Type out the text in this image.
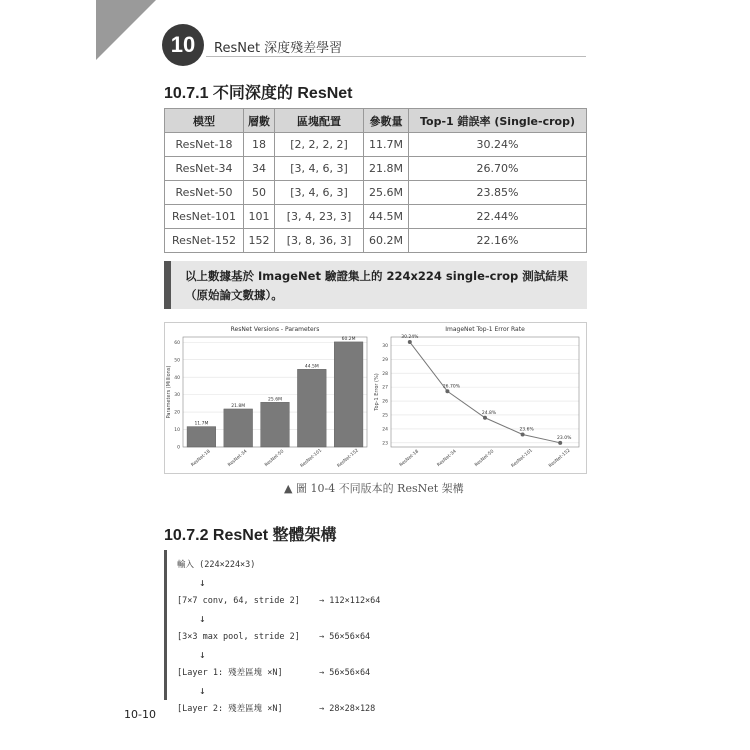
10	ResNet 深度殘差學習
10.7.1 不同深度的 ResNet
模型	層數	區塊配置	參數量	Top-1 錯誤率 (Single-crop)
ResNet-18	18	[2, 2, 2, 2]	11.7M	30.24%
ResNet-34	34	[3, 4, 6, 3]	21.8M	26.70%
ResNet-50	50	[3, 4, 6, 3]	25.6M	23.85%
ResNet-101	101	[3, 4, 23, 3]	44.5M	22.44%
ResNet-152	152	[3, 8, 36, 3]	60.2M	22.16%
以上數據基於 ImageNet 驗證集上的 224x224 single-crop 測試結果
（原始論文數據）。
ResNet Versions - Parameters
Parameters (Millions)
0
10
20
30
40
50
60
ResNet-18
11.7M
ResNet-34
21.8M
ResNet-50
25.6M
ResNet-101
44.5M
ResNet-152
60.2M
ImageNet Top-1 Error Rate
Top-1 Error (%)
23
24
25
26
27
28
29
30
ResNet-18	ResNet-34	ResNet-50	ResNet-101	ResNet-152
30.24%
26.70%
24.8%
23.6%
23.0%
▲ 圖 10-4 不同版本的 ResNet 架構
10.7.2 ResNet 整體架構
輸入 (224×224×3)
↓
[7×7 conv, 64, stride 2] → 112×112×64
↓
[3×3 max pool, stride 2] → 56×56×64
↓
[Layer 1: 殘差區塊 ×N]	→ 56×56×64
↓
[Layer 2: 殘差區塊 ×N]	→ 28×28×128
10-10
